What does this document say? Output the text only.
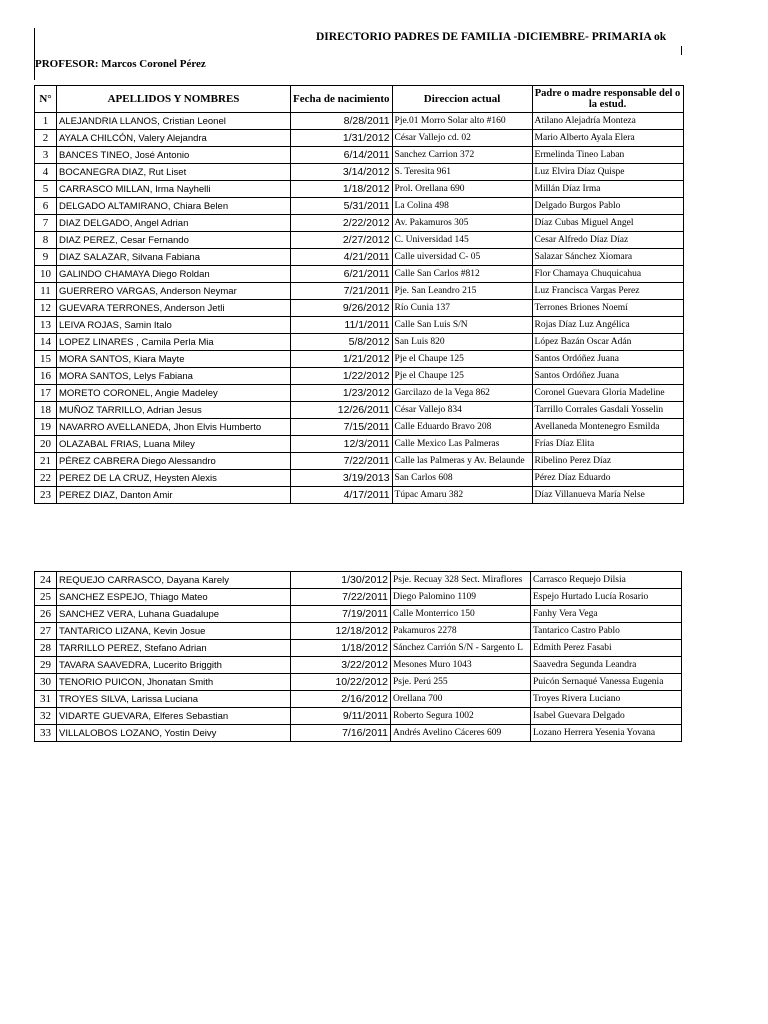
DIRECTORIO PADRES DE FAMILIA -DICIEMBRE- PRIMARIA ok
PROFESOR: Marcos Coronel Pérez
N°	APELLIDOS Y NOMBRES	Fecha de nacimiento	Direccion actual	Padre o madre responsable del o la estud.
1	ALEJANDRIA LLANOS, Cristian Leonel	8/28/2011	Pje.01 Morro Solar alto #160	Atilano Alejadría Monteza
2	AYALA CHILCÓN, Valery Alejandra	1/31/2012	César Vallejo cd. 02	Mario Alberto Ayala Elera
3	BANCES TINEO, José Antonio	6/14/2011	Sanchez Carrion 372	Ermelinda Tineo Laban
4	BOCANEGRA DIAZ, Rut Liset	3/14/2012	S. Teresita 961	Luz Elvira Díaz Quispe
5	CARRASCO MILLAN, Irma Nayhelli	1/18/2012	Prol. Orellana 690	Millán Díaz Irma
6	DELGADO ALTAMIRANO, Chiara Belen	5/31/2011	La Colina 498	Delgado Burgos Pablo
7	DIAZ DELGADO, Angel Adrian	2/22/2012	Av. Pakamuros 305	Díaz Cubas Miguel Angel
8	DIAZ PEREZ, Cesar Fernando	2/27/2012	C. Universidad 145	Cesar Alfredo Díaz Díaz
9	DIAZ SALAZAR, Silvana Fabiana	4/21/2011	Calle uiversidad C- 05	Salazar Sánchez Xiomara
10	GALINDO CHAMAYA Diego Roldan	6/21/2011	Calle San Carlos #812	Flor Chamaya Chuquicahua
11	GUERRERO VARGAS, Anderson Neymar	7/21/2011	Pje. San Leandro 215	Luz Francisca Vargas Perez
12	GUEVARA TERRONES, Anderson Jetli	9/26/2012	Río Cunia 137	Terrones Briones Noemí
13	LEIVA ROJAS, Samin Italo	11/1/2011	Calle San Luis S/N	Rojas Díaz Luz Angélica
14	LOPEZ LINARES , Camila Perla Mia	5/8/2012	San Luis 820	López Bazán Oscar Adán
15	MORA SANTOS, Kiara Mayte	1/21/2012	Pje el Chaupe 125	Santos Ordóñez Juana
16	MORA SANTOS, Lelys Fabiana	1/22/2012	Pje el Chaupe 125	Santos Ordóñez Juana
17	MORETO CORONEL, Angie Madeley	1/23/2012	Garcilazo de la Vega 862	Coronel Guevara Gloria Madeline
18	MUÑOZ TARRILLO, Adrian Jesus	12/26/2011	César Vallejo 834	Tarrillo Corrales Gasdali Yosselin
19	NAVARRO AVELLANEDA, Jhon Elvis Humberto	7/15/2011	Calle Eduardo Bravo 208	Avellaneda Montenegro Esmilda
20	OLAZABAL FRIAS, Luana Miley	12/3/2011	Calle Mexico Las Palmeras	Frías Díaz Elita
21	PÉREZ CABRERA Diego Alessandro	7/22/2011	Calle las Palmeras y Av. Belaunde	Ribelino Perez Díaz
22	PEREZ DE LA CRUZ, Heysten Alexis	3/19/2013	San Carlos 608	Pérez Díaz Eduardo
23	PEREZ DIAZ, Danton Amir	4/17/2011	Túpac Amaru 382	Díaz Villanueva María Nelse
24	REQUEJO CARRASCO, Dayana Karely	1/30/2012	Psje. Recuay 328 Sect. Miraflores	Carrasco Requejo Dilsia
25	SANCHEZ ESPEJO, Thiago Mateo	7/22/2011	Diego Palomino 1109	Espejo Hurtado Lucía Rosario
26	SANCHEZ VERA, Luhana Guadalupe	7/19/2011	Calle Monterrico 150	Fanhy Vera Vega
27	TANTARICO LIZANA, Kevin Josue	12/18/2012	Pakamuros 2278	Tantarico Castro Pablo
28	TARRILLO PEREZ, Stefano Adrian	1/18/2012	Sánchez Carrión S/N - Sargento L	Edmith Perez Fasabi
29	TAVARA SAAVEDRA, Lucerito Briggith	3/22/2012	Mesones Muro 1043	Saavedra Segunda Leandra
30	TENORIO PUICON, Jhonatan Smith	10/22/2012	Psje. Perú 255	Puicón Sernaqué Vanessa Eugenia
31	TROYES SILVA, Larissa Luciana	2/16/2012	Orellana 700	Troyes Rivera Luciano
32	VIDARTE GUEVARA, Elferes Sebastian	9/11/2011	Roberto Segura 1002	Isabel Guevara Delgado
33	VILLALOBOS LOZANO, Yostin Deivy	7/16/2011	Andrés Avelino Cáceres 609	Lozano Herrera Yesenia Yovana
